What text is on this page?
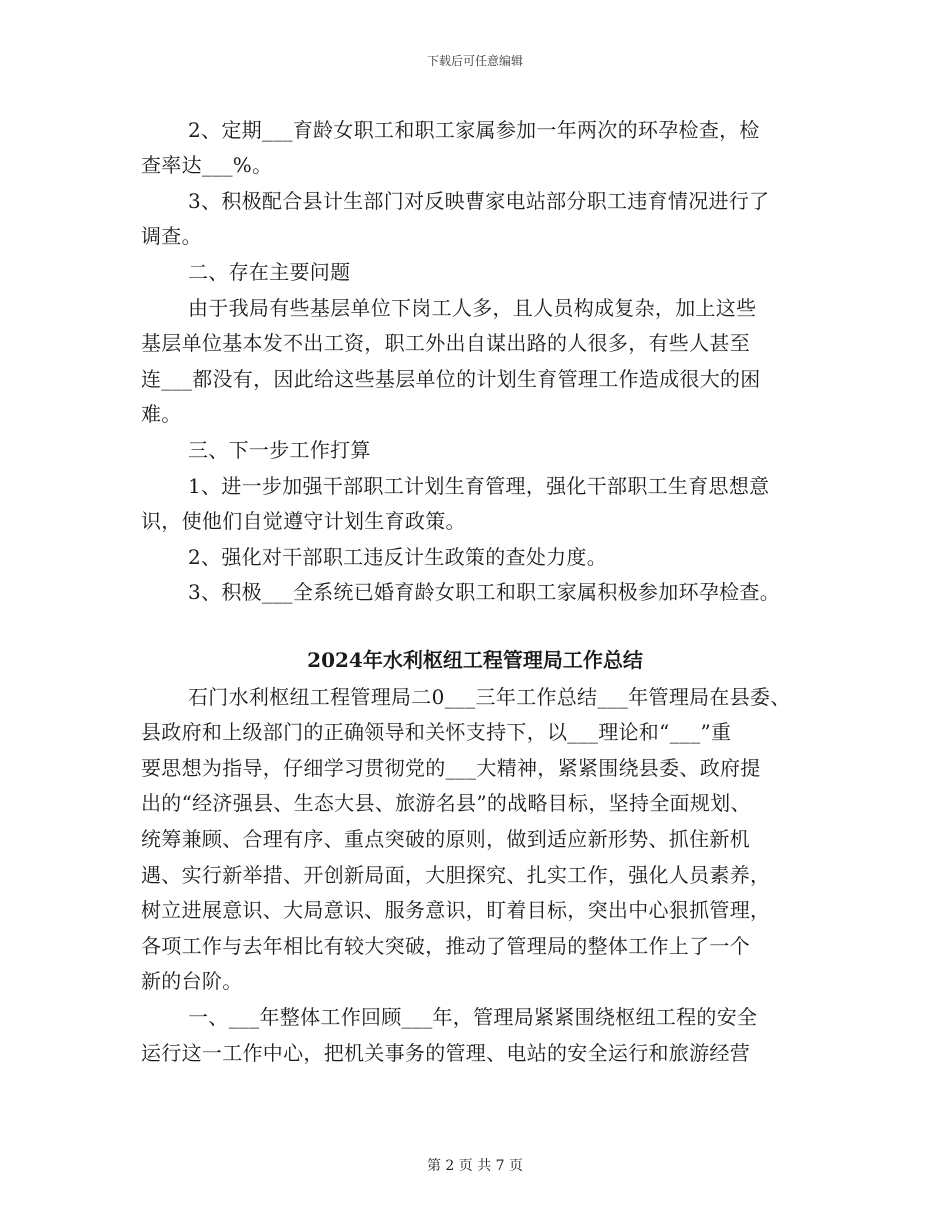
下载后可任意编辑
2、定期___育龄女职工和职工家属参加一年两次的环孕检查，检
查率达___%。
3、积极配合县计生部门对反映曹家电站部分职工违育情况进行了
调查。
二、存在主要问题
由于我局有些基层单位下岗工人多，且人员构成复杂，加上这些
基层单位基本发不出工资，职工外出自谋出路的人很多，有些人甚至
连___都没有，因此给这些基层单位的计划生育管理工作造成很大的困
难。
三、下一步工作打算
1、进一步加强干部职工计划生育管理，强化干部职工生育思想意
识，使他们自觉遵守计划生育政策。
2、强化对干部职工违反计生政策的查处力度。
3、积极___全系统已婚育龄女职工和职工家属积极参加环孕检查。
2024年水利枢纽工程管理局工作总结
石门水利枢纽工程管理局二0___三年工作总结___年管理局在县委、
县政府和上级部门的正确领导和关怀支持下，以___理论和“___”重
要思想为指导，仔细学习贯彻党的___大精神，紧紧围绕县委、政府提
出的“经济强县、生态大县、旅游名县”的战略目标，坚持全面规划、
统筹兼顾、合理有序、重点突破的原则，做到适应新形势、抓住新机
遇、实行新举措、开创新局面，大胆探究、扎实工作，强化人员素养，
树立进展意识、大局意识、服务意识，盯着目标，突出中心狠抓管理，
各项工作与去年相比有较大突破，推动了管理局的整体工作上了一个
新的台阶。
一、___年整体工作回顾___年，管理局紧紧围绕枢纽工程的安全
运行这一工作中心，把机关事务的管理、电站的安全运行和旅游经营
第 2 页 共 7 页
